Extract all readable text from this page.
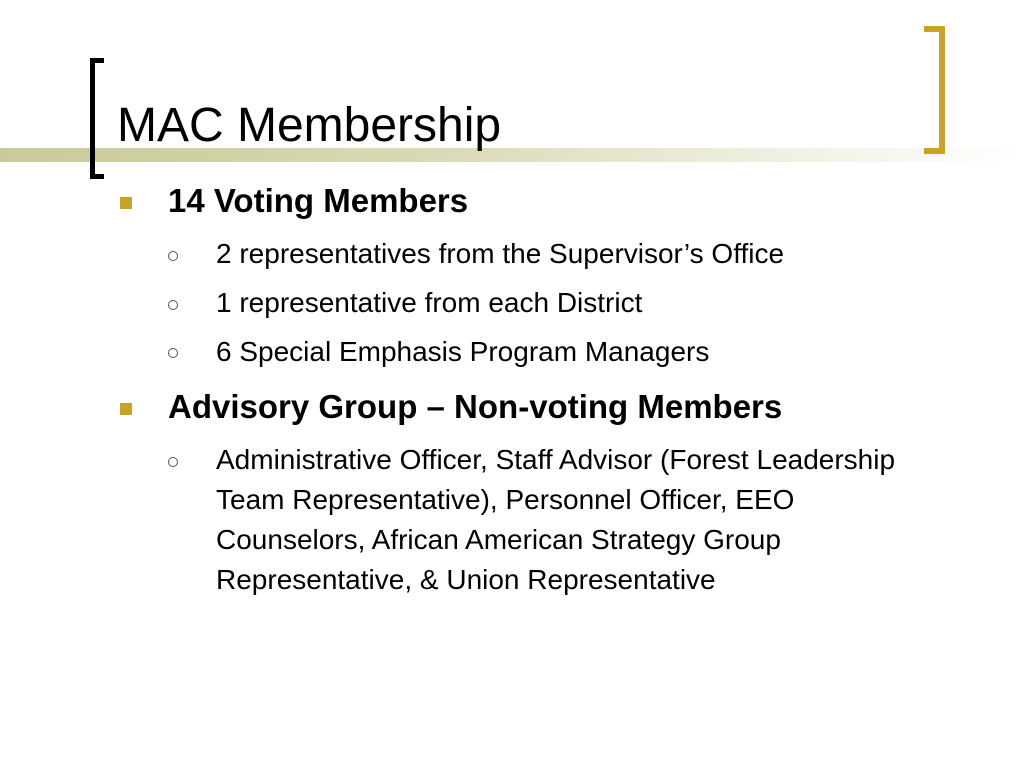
MAC Membership
14 Voting Members
2 representatives from the Supervisor’s Office
1 representative from each District
6 Special Emphasis Program Managers
Advisory Group – Non-voting Members
Administrative Officer, Staff Advisor (Forest Leadership Team Representative), Personnel Officer, EEO Counselors, African American Strategy Group Representative, & Union Representative
